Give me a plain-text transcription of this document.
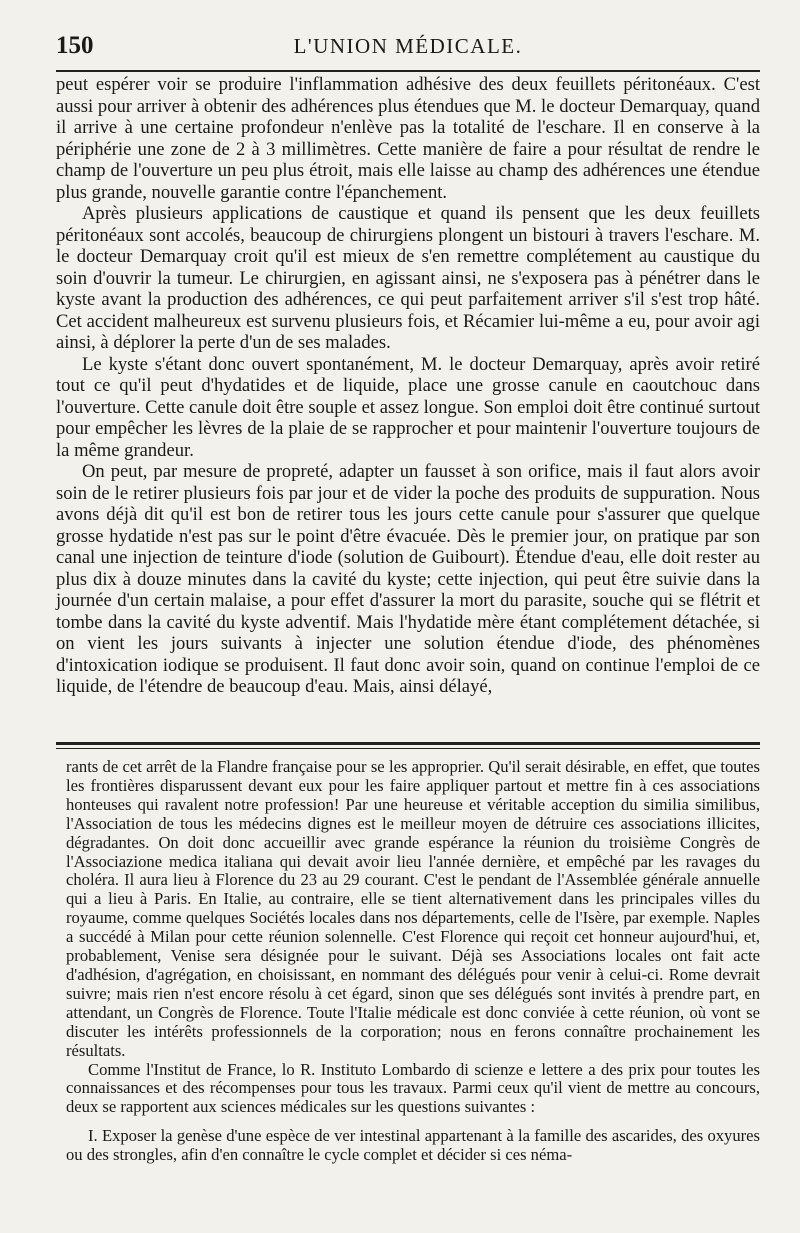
150	L'UNION MÉDICALE.

peut espérer voir se produire l'inflammation adhésive des deux feuillets péritonéaux. C'est aussi pour arriver à obtenir des adhérences plus étendues que M. le docteur Demarquay, quand il arrive à une certaine profondeur n'enlève pas la totalité de l'eschare. Il en conserve à la périphérie une zone de 2 à 3 millimètres. Cette manière de faire a pour résultat de rendre le champ de l'ouverture un peu plus étroit, mais elle laisse au champ des adhérences une étendue plus grande, nouvelle garantie contre l'épanchement.

Après plusieurs applications de caustique et quand ils pensent que les deux feuillets péritonéaux sont accolés, beaucoup de chirurgiens plongent un bistouri à travers l'eschare. M. le docteur Demarquay croit qu'il est mieux de s'en remettre complétement au caustique du soin d'ouvrir la tumeur. Le chirurgien, en agissant ainsi, ne s'exposera pas à pénétrer dans le kyste avant la production des adhérences, ce qui peut parfaitement arriver s'il s'est trop hâté. Cet accident malheureux est survenu plusieurs fois, et Récamier lui-même a eu, pour avoir agi ainsi, à déplorer la perte d'un de ses malades.

Le kyste s'étant donc ouvert spontanément, M. le docteur Demarquay, après avoir retiré tout ce qu'il peut d'hydatides et de liquide, place une grosse canule en caoutchouc dans l'ouverture. Cette canule doit être souple et assez longue. Son emploi doit être continué surtout pour empêcher les lèvres de la plaie de se rapprocher et pour maintenir l'ouverture toujours de la même grandeur.

On peut, par mesure de propreté, adapter un fausset à son orifice, mais il faut alors avoir soin de le retirer plusieurs fois par jour et de vider la poche des produits de suppuration. Nous avons déjà dit qu'il est bon de retirer tous les jours cette canule pour s'assurer que quelque grosse hydatide n'est pas sur le point d'être évacuée. Dès le premier jour, on pratique par son canal une injection de teinture d'iode (solution de Guibourt). Étendue d'eau, elle doit rester au plus dix à douze minutes dans la cavité du kyste; cette injection, qui peut être suivie dans la journée d'un certain malaise, a pour effet d'assurer la mort du parasite, souche qui se flétrit et tombe dans la cavité du kyste adventif. Mais l'hydatide mère étant complétement détachée, si on vient les jours suivants à injecter une solution étendue d'iode, des phénomènes d'intoxication iodique se produisent. Il faut donc avoir soin, quand on continue l'emploi de ce liquide, de l'étendre de beaucoup d'eau. Mais, ainsi délayé,

rants de cet arrêt de la Flandre française pour se les approprier. Qu'il serait désirable, en effet, que toutes les frontières disparussent devant eux pour les faire appliquer partout et mettre fin à ces associations honteuses qui ravalent notre profession! Par une heureuse et véritable acception du similia similibus, l'Association de tous les médecins dignes est le meilleur moyen de détruire ces associations illicites, dégradantes. On doit donc accueillir avec grande espérance la réunion du troisième Congrès de l'Associazione medica italiana qui devait avoir lieu l'année dernière, et empêché par les ravages du choléra. Il aura lieu à Florence du 23 au 29 courant. C'est le pendant de l'Assemblée générale annuelle qui a lieu à Paris. En Italie, au contraire, elle se tient alternativement dans les principales villes du royaume, comme quelques Sociétés locales dans nos départements, celle de l'Isère, par exemple. Naples a succédé à Milan pour cette réunion solennelle. C'est Florence qui reçoit cet honneur aujourd'hui, et, probablement, Venise sera désignée pour le suivant. Déjà ses Associations locales ont fait acte d'adhésion, d'agrégation, en choisissant, en nommant des délégués pour venir à celui-ci. Rome devrait suivre; mais rien n'est encore résolu à cet égard, sinon que ses délégués sont invités à prendre part, en attendant, un Congrès de Florence. Toute l'Italie médicale est donc conviée à cette réunion, où vont se discuter les intérêts professionnels de la corporation; nous en ferons connaître prochainement les résultats.

Comme l'Institut de France, lo R. Instituto Lombardo di scienze e lettere a des prix pour toutes les connaissances et des récompenses pour tous les travaux. Parmi ceux qu'il vient de mettre au concours, deux se rapportent aux sciences médicales sur les questions suivantes :

I. Exposer la genèse d'une espèce de ver intestinal appartenant à la famille des ascarides, des oxyures ou des strongles, afin d'en connaître le cycle complet et décider si ces néma-
